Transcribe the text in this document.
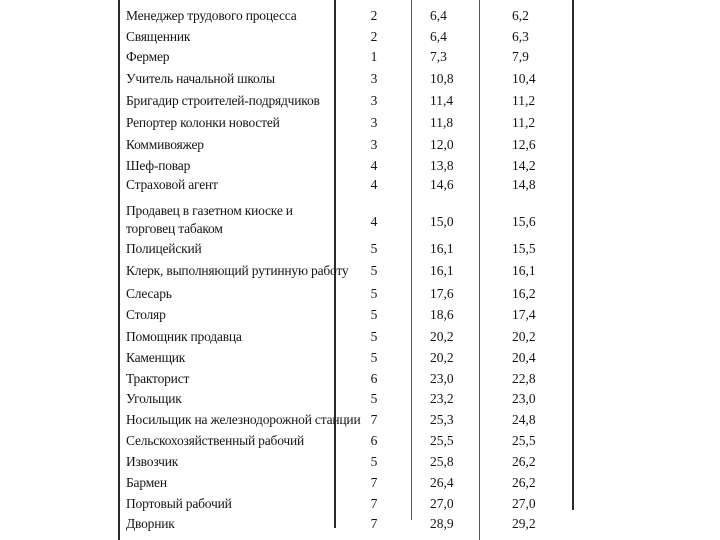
Менеджер трудового процесса	2	6,4	6,2
Священник	2	6,4	6,3
Фермер	1	7,3	7,9
Учитель начальной школы	3	10,8	10,4
Бригадир строителей-подрядчиков	3	11,4	11,2
Репортер колонки новостей	3	11,8	11,2
Коммивояжер	3	12,0	12,6
Шеф-повар	4	13,8	14,2
Страховой агент	4	14,6	14,8
Продавец в газетном киоске и торговец табаком	4	15,0	15,6
Полицейский	5	16,1	15,5
Клерк, выполняющий рутинную работу 5	16,1	16,1
Слесарь	5	17,6	16,2
Столяр	5	18,6	17,4
Помощник продавца	5	20,2	20,2
Каменщик	5	20,2	20,4
Тракторист	6	23,0	22,8
Угольщик	5	23,2	23,0
Носильщик на железнодорожной станции 7	25,3	24,8
Сельскохозяйственный рабочий	6	25,5	25,5
Извозчик	5	25,8	26,2
Бармен	7	26,4	26,2
Портовый рабочий	7	27,0	27,0
Дворник	7	28,9	29,2
